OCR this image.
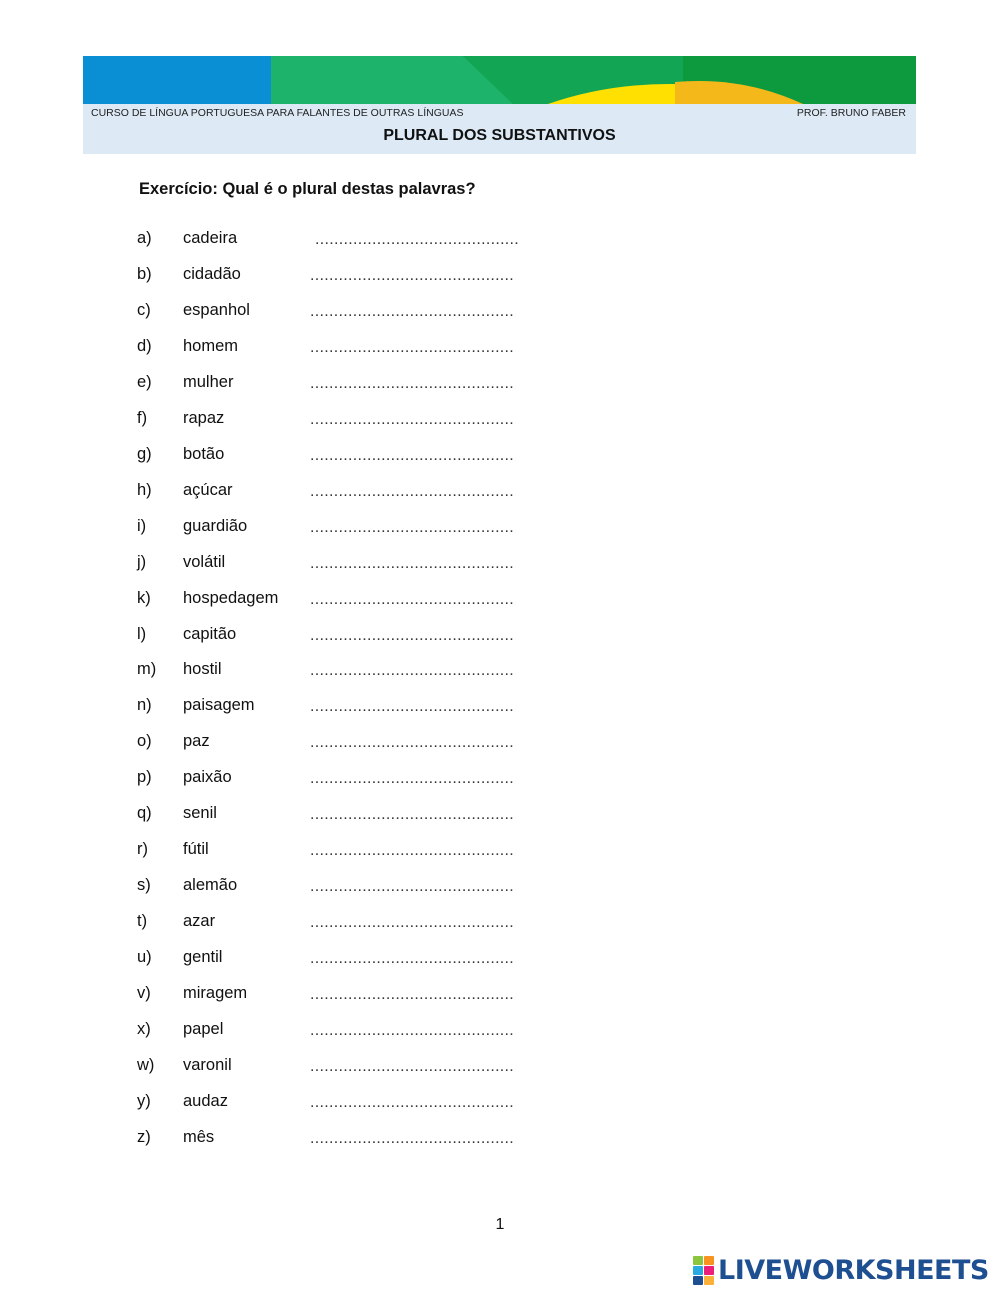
CURSO DE LÍNGUA PORTUGUESA PARA FALANTES DE OUTRAS LÍNGUAS	PROF. BRUNO FABER
PLURAL DOS SUBSTANTIVOS
Exercício: Qual é o plural destas palavras?
a) cadeira
...........................................
b) cidadão
...........................................
c) espanhol
...........................................
d) homem
...........................................
e) mulher
...........................................
f) rapaz
...........................................
g) botão
...........................................
h) açúcar
...........................................
i) guardião
...........................................
j) volátil
...........................................
k) hospedagem
...........................................
l) capitão
...........................................
m) hostil
...........................................
n) paisagem
...........................................
o) paz
...........................................
p) paixão
...........................................
q) senil
...........................................
r) fútil
...........................................
s) alemão
...........................................
t) azar
...........................................
u) gentil
...........................................
v) miragem
...........................................
x) papel
...........................................
w) varonil
...........................................
y) audaz
...........................................
z) mês
...........................................
1
LIVEWORKSHEETS
